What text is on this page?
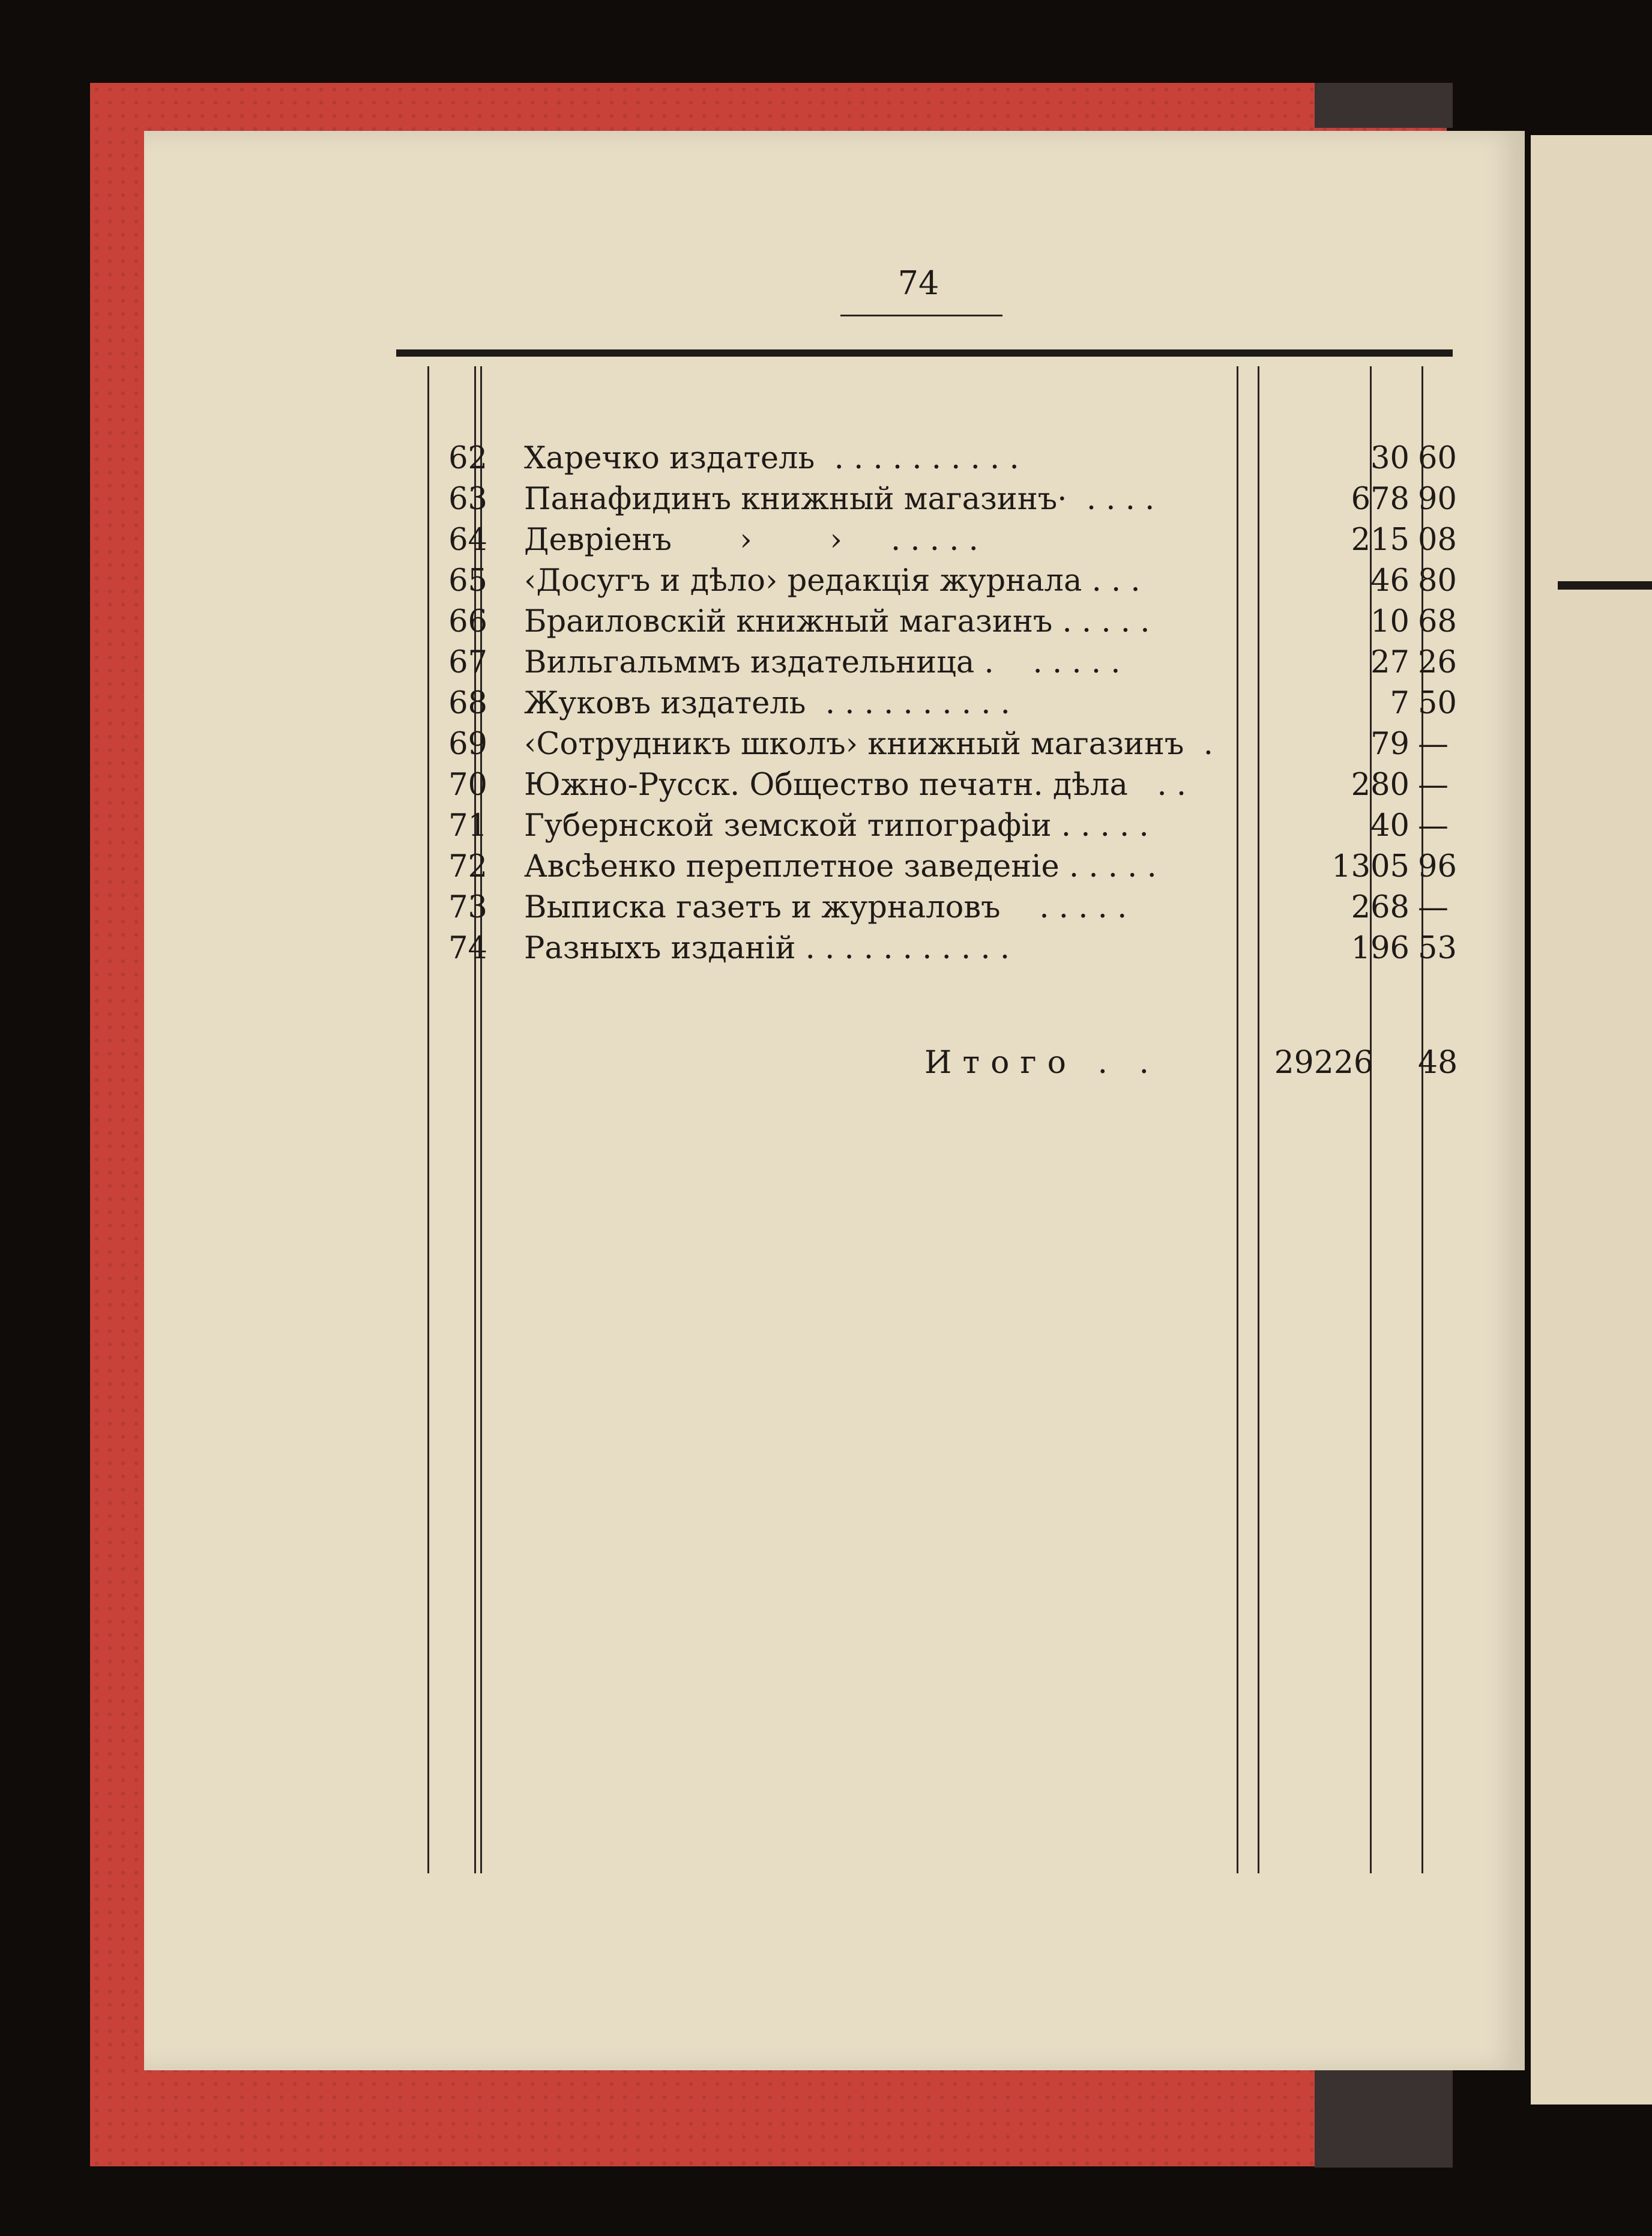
74
62 Харечко издатель  . . . . . . . . . .	30 60
63 Панафидинъ книжный магазинъ·  . . . .	678 90
64 Девріенъ       ›        ›     . . . . .	215 08
65 ‹Досугъ и дѣло› редакція журнала . . .	46 80
66 Браиловскій книжный магазинъ . . . . .	10 68
67 Вильгальммъ издательница .    . . . . .	27 26
68 Жуковъ издатель  . . . . . . . . . .	7 50
69 ‹Сотрудникъ школъ› книжный магазинъ  .	79 —
70 Южно-Русск. Общество печатн. дѣла   . .	280 —
71 Губернской земской типографіи . . . . .	40 —
72 Авсѣенко переплетное заведеніе . . . . .	1305 96
73 Выписка газетъ и журналовъ    . . . . .	268 —
74 Разныхъ изданій . . . . . . . . . . .	196 53
Итого . .	29226 48
